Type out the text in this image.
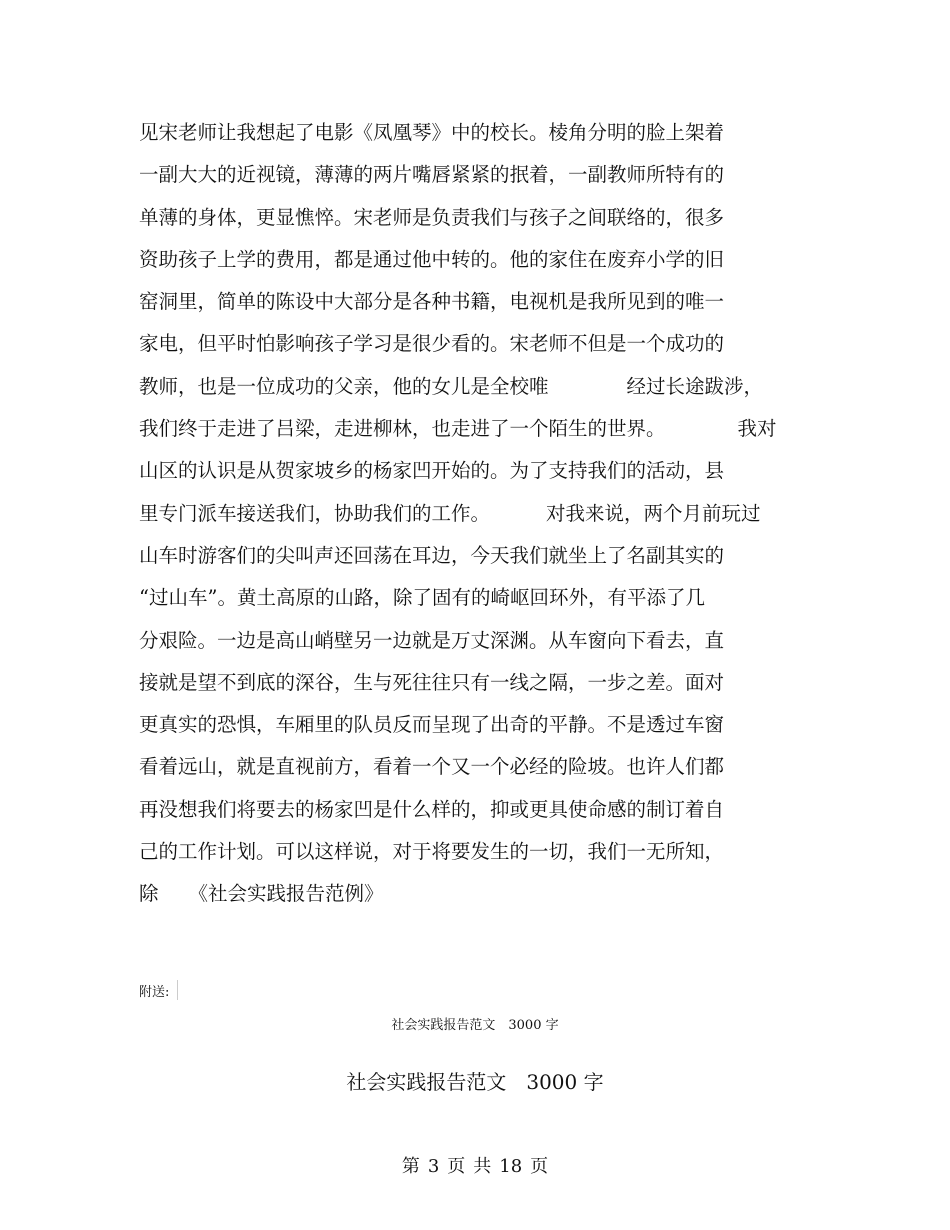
见宋老师让我想起了电影《凤凰琴》中的校长。棱角分明的脸上架着
一副大大的近视镜，薄薄的两片嘴唇紧紧的抿着，一副教师所特有的
单薄的身体，更显憔悴。宋老师是负责我们与孩子之间联络的，很多
资助孩子上学的费用，都是通过他中转的。他的家住在废弃小学的旧
窑洞里，简单的陈设中大部分是各种书籍，电视机是我所见到的唯一
家电，但平时怕影响孩子学习是很少看的。宋老师不但是一个成功的
教师，也是一位成功的父亲，他的女儿是全校唯	经过长途跋涉，
我们终于走进了吕梁，走进柳林，也走进了一个陌生的世界。	我对
山区的认识是从贺家坡乡的杨家凹开始的。为了支持我们的活动，县
里专门派车接送我们，协助我们的工作。	对我来说，两个月前玩过
山车时游客们的尖叫声还回荡在耳边，今天我们就坐上了名副其实的
“过山车”。黄土高原的山路，除了固有的崎岖回环外，有平添了几
分艰险。一边是高山峭壁另一边就是万丈深渊。从车窗向下看去，直
接就是望不到底的深谷，生与死往往只有一线之隔，一步之差。面对
更真实的恐惧，车厢里的队员反而呈现了出奇的平静。不是透过车窗
看着远山，就是直视前方，看着一个又一个必经的险坡。也许人们都
再没想我们将要去的杨家凹是什么样的，抑或更具使命感的制订着自
己的工作计划。可以这样说，对于将要发生的一切，我们一无所知，
除 《社会实践报告范例》
附送:
社会实践报告范文　3000 字
社会实践报告范文　3000 字
第 3 页 共 18 页
